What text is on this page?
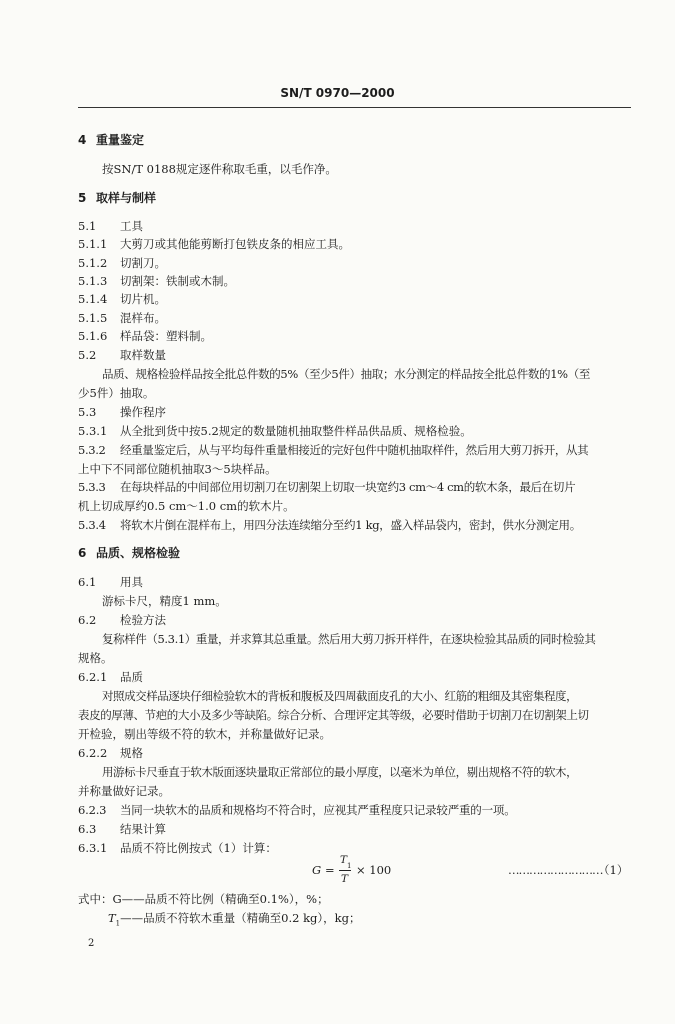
SN/T 0970—2000
4 重量鉴定
按SN/T 0188规定逐件称取毛重，以毛作净。
5 取样与制样
5.1 工具
5.1.1 大剪刀或其他能剪断打包铁皮条的相应工具。
5.1.2 切割刀。
5.1.3 切割架：铁制或木制。
5.1.4 切片机。
5.1.5 混样布。
5.1.6 样品袋：塑料制。
5.2 取样数量
品质、规格检验样品按全批总件数的5%（至少5件）抽取；水分测定的样品按全批总件数的1%（至
少5件）抽取。
5.3 操作程序
5.3.1 从全批到货中按5.2规定的数量随机抽取整件样品供品质、规格检验。
5.3.2 经重量鉴定后，从与平均每件重量相接近的完好包件中随机抽取样件，然后用大剪刀拆开，从其
上中下不同部位随机抽取3～5块样品。
5.3.3 在每块样品的中间部位用切割刀在切割架上切取一块宽约3 cm～4 cm的软木条，最后在切片
机上切成厚约0.5 cm～1.0 cm的软木片。
5.3.4 将软木片倒在混样布上，用四分法连续缩分至约1 kg，盛入样品袋内，密封，供水分测定用。
6 品质、规格检验
6.1 用具
游标卡尺，精度1 mm。
6.2 检验方法
复称样件（5.3.1）重量，并求算其总重量。然后用大剪刀拆开样件，在逐块检验其品质的同时检验其
规格。
6.2.1 品质
对照成交样品逐块仔细检验软木的背板和腹板及四周截面皮孔的大小、红筋的粗细及其密集程度，
表皮的厚薄、节疤的大小及多少等缺陷。综合分析、合理评定其等级，必要时借助于切割刀在切割架上切
开检验，剔出等级不符的软木，并称量做好记录。
6.2.2 规格
用游标卡尺垂直于软木版面逐块量取正常部位的最小厚度，以毫米为单位，剔出规格不符的软木，
并称量做好记录。
6.2.3 当同一块软木的品质和规格均不符合时，应视其严重程度只记录较严重的一项。
6.3 结果计算
6.3.1 品质不符比例按式（1）计算：
G =
T 1
T
× 100	………………………
（1）
式中：G——品质不符比例（精确至0.1%），%；
$T_1——$品质不符软木重量（精确至0.2 kg），kg；
2
